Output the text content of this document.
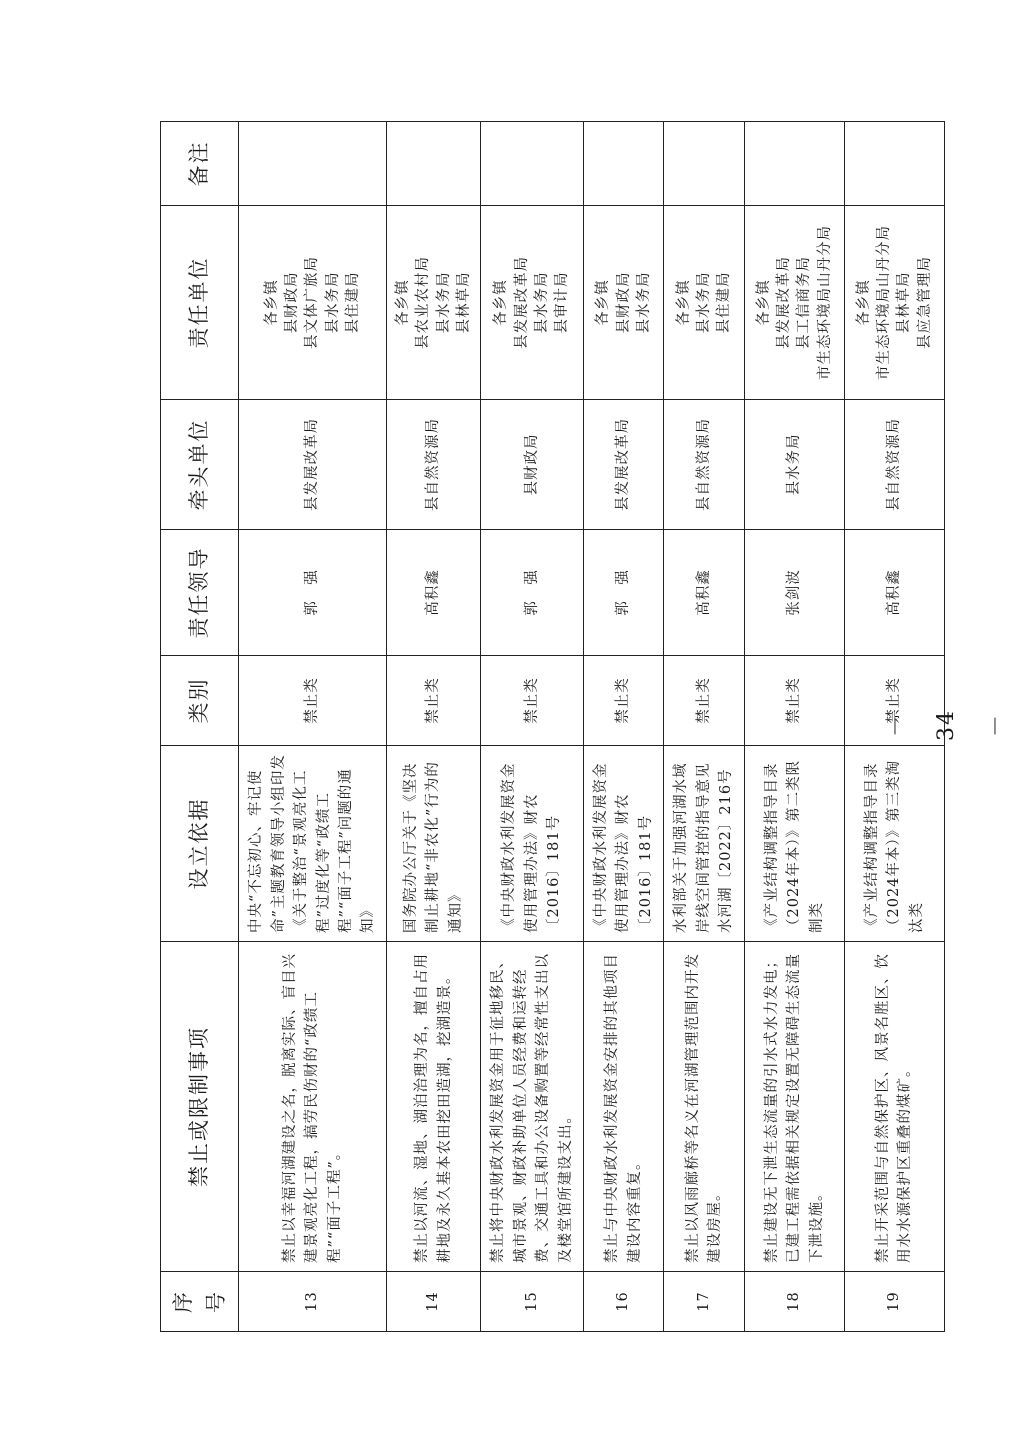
序号	禁止或限制事项	设立依据	类别	责任领导	牵头单位	责任单位	备注
13	禁止以幸福河湖建设之名，脱离实际、盲目兴建景观亮化工程，搞劳民伤财的“政绩工程”“面子工程”。	中央“不忘初心、牢记使命”主题教育领导小组印发《关于整治“景观亮化工程”过度化等“政绩工程”“面子工程”问题的通知》	禁止类	郭　强	县发展改革局	各乡镇 县财政局 县文体广旅局 县水务局 县住建局	

14	禁止以河流、湿地、湖泊治理为名，擅自占用耕地及永久基本农田挖田造湖，挖湖造景。	国务院办公厅关于《坚决制止耕地“非农化”行为的通知》	禁止类	高积鑫	县自然资源局	各乡镇 县农业农村局 县水务局 县林草局	

15	禁止将中央财政水利发展资金用于征地移民、城市景观、财政补助单位人员经费和运转经费、交通工具和办公设备购置等经常性支出以及楼堂馆所建设支出。	《中央财政水利发展资金使用管理办法》财农〔2016〕181号	禁止类	郭　强	县财政局	各乡镇 县发展改革局 县水务局 县审计局	

16	禁止与中央财政水利发展资金安排的其他项目建设内容重复。	《中央财政水利发展资金使用管理办法》财农〔2016〕181号	禁止类	郭　强	县发展改革局	各乡镇 县财政局 县水务局	

17	禁止以风雨廊桥等名义在河湖管理范围内开发建设房屋。	水利部关于加强河湖水域岸线空间管控的指导意见水河湖〔2022〕216号	禁止类	高积鑫	县自然资源局	各乡镇 县水务局 县住建局	

18	禁止建设无下泄生态流量的引水式水力发电；已建工程需依据相关规定设置无障碍生态流量下泄设施。	《产业结构调整指导目录（2024年本）》第二类限制类	禁止类	张剑波	县水务局	各乡镇 县发展改革局 县工信商务局 市生态环境局山丹分局	

19	禁止开采范围与自然保护区、风景名胜区、饮用水水源保护区重叠的煤矿。	《产业结构调整指导目录（2024年本）》第三类淘汰类	禁止类	高积鑫	县自然资源局	各乡镇 市生态环境局山丹分局 县林草局 县应急管理局	

－ 34 －
